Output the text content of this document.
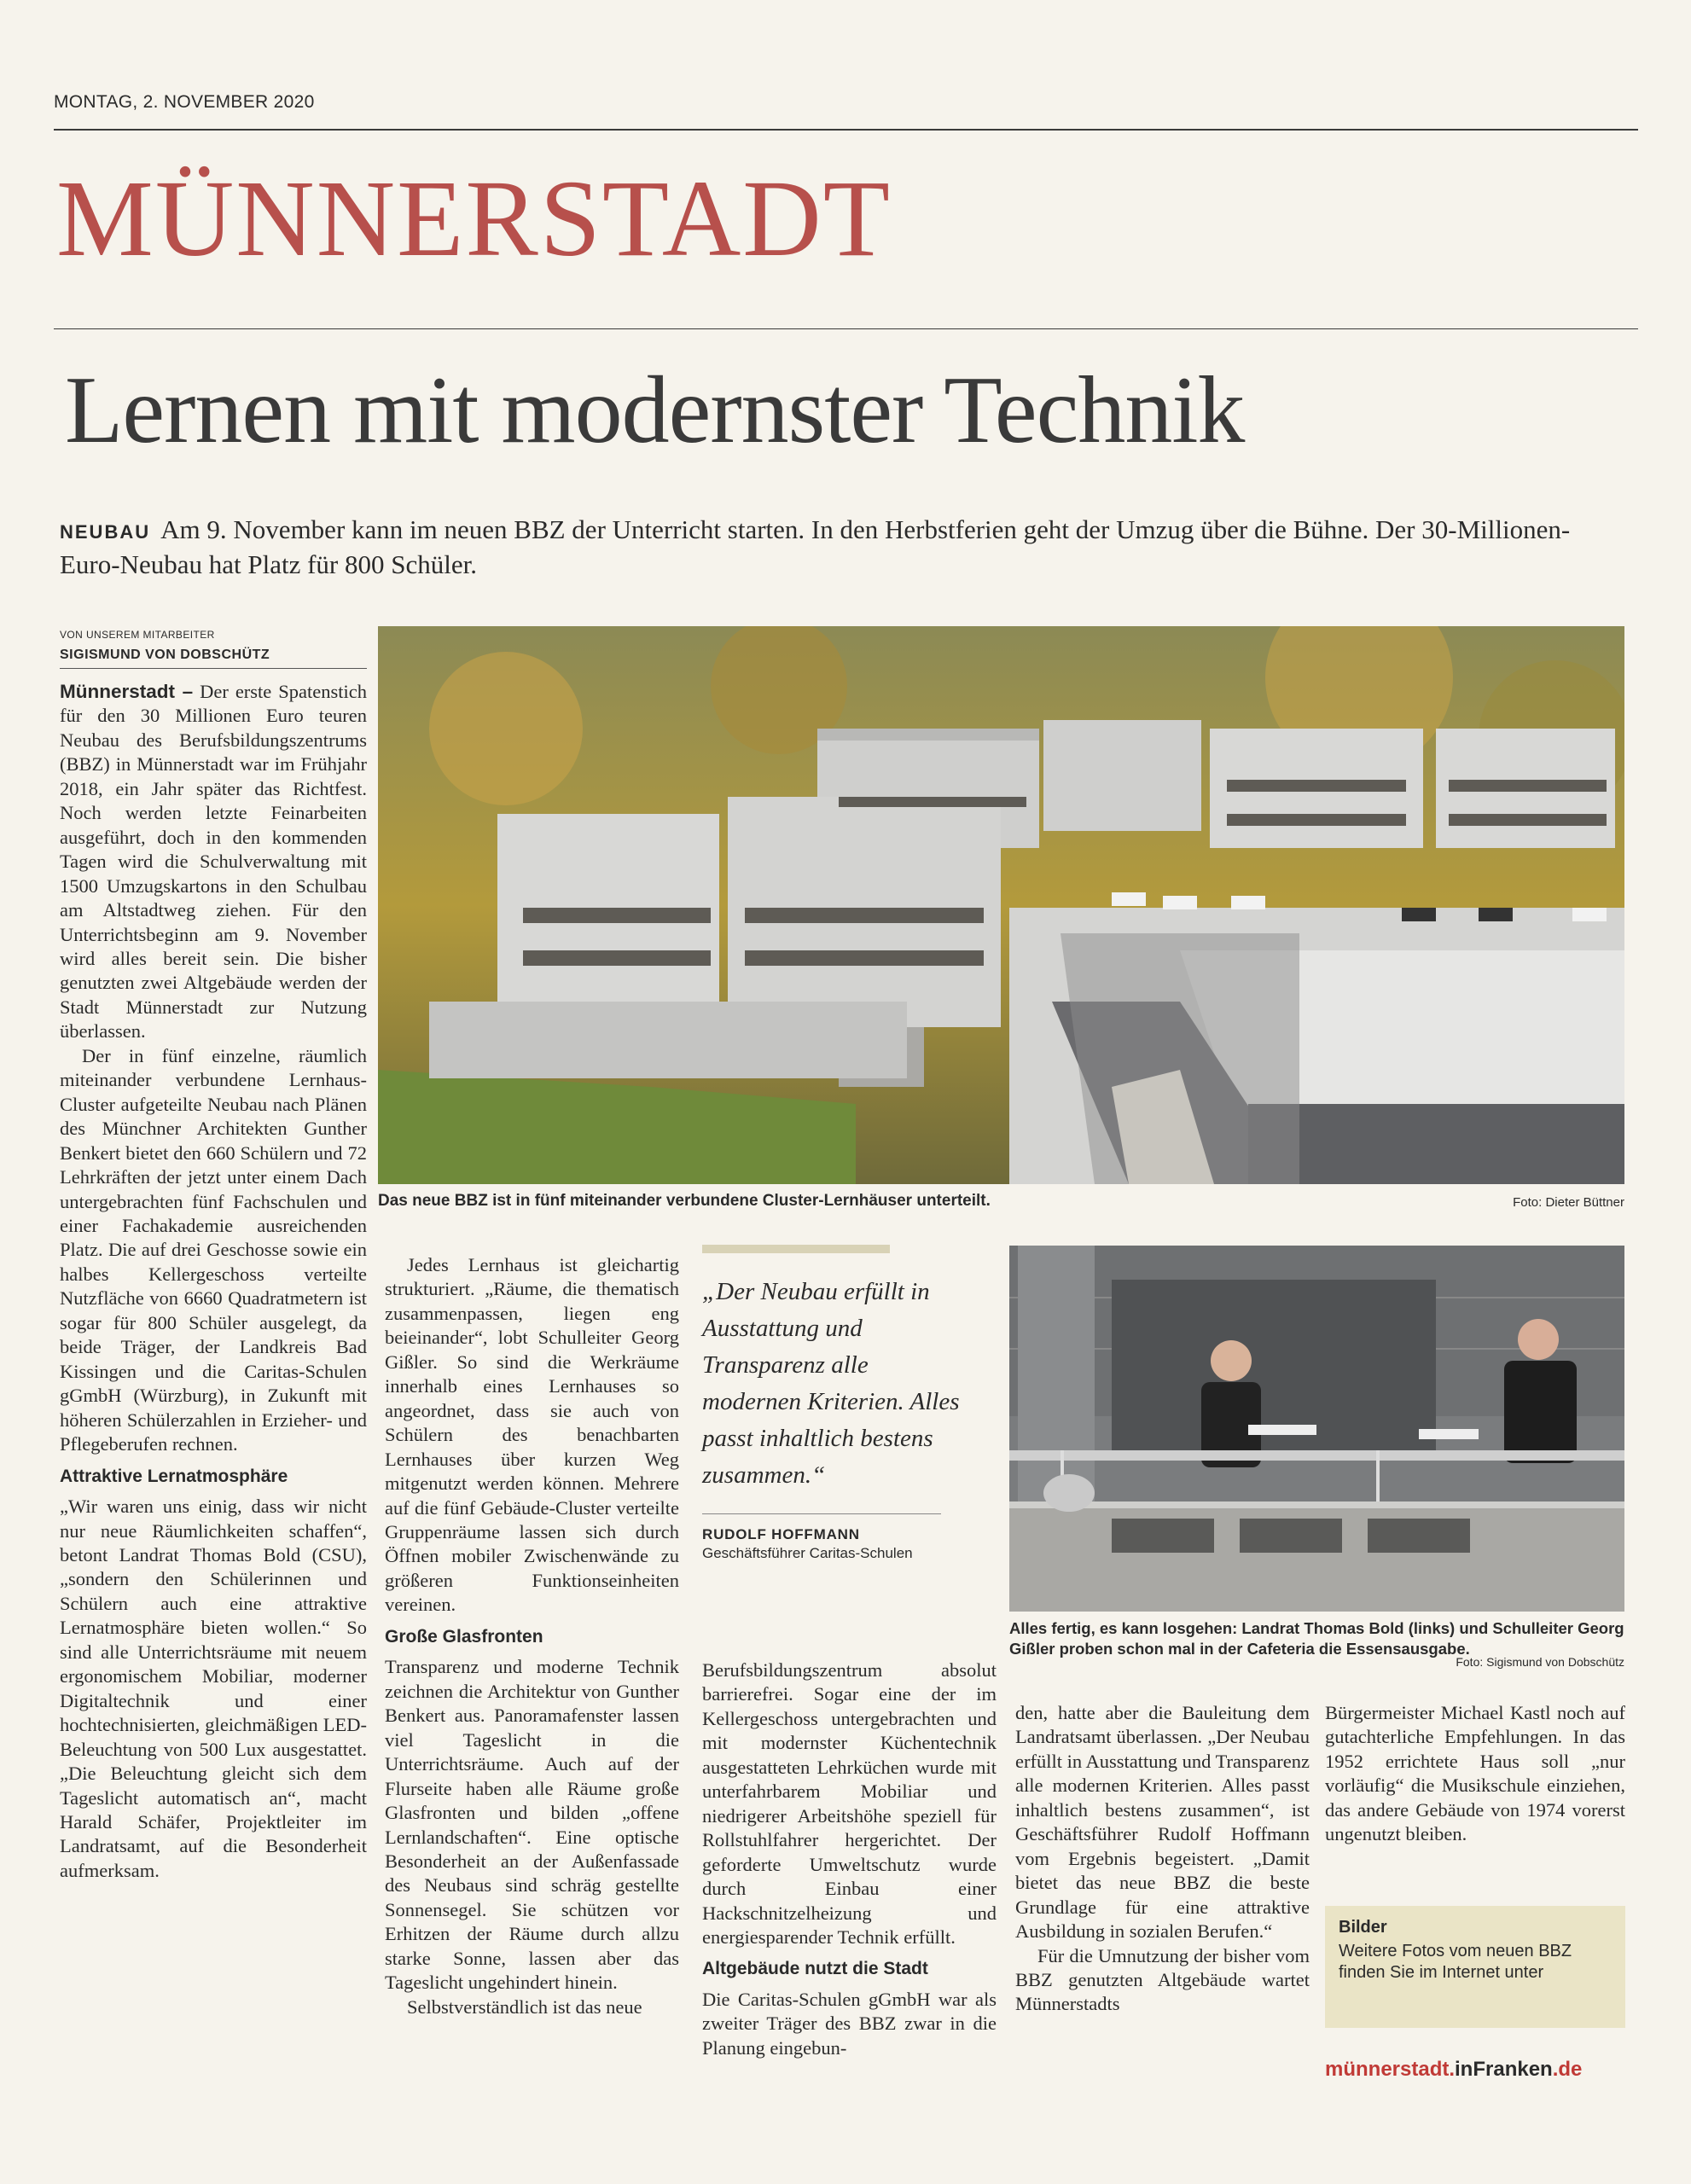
MONTAG, 2. NOVEMBER 2020
MÜNNERSTADT
Lernen mit modernster Technik
NEUBAU Am 9. November kann im neuen BBZ der Unterricht starten. In den Herbstferien geht der Umzug über die Bühne. Der 30-Millionen-Euro-Neubau hat Platz für 800 Schüler.
VON UNSEREM MITARBEITER
SIGISMUND VON DOBSCHÜTZ

Münnerstadt – Der erste Spatenstich für den 30 Millionen Euro teuren Neubau des Berufsbildungszentrums (BBZ) in Münnerstadt war im Frühjahr 2018, ein Jahr später das Richtfest. Noch werden letzte Feinarbeiten ausgeführt, doch in den kommenden Tagen wird die Schulverwaltung mit 1500 Umzugskartons in den Schulbau am Altstadtweg ziehen. Für den Unterrichtsbeginn am 9. November wird alles bereit sein. Die bisher genutzten zwei Altgebäude werden der Stadt Münnerstadt zur Nutzung überlassen.

Der in fünf einzelne, räumlich miteinander verbundene Lernhaus-Cluster aufgeteilte Neubau nach Plänen des Münchner Architekten Gunther Benkert bietet den 660 Schülern und 72 Lehrkräften der jetzt unter einem Dach untergebrachten fünf Fachschulen und einer Fachakademie ausreichenden Platz. Die auf drei Geschosse sowie ein halbes Kellergeschoss verteilte Nutzfläche von 6660 Quadratmetern ist sogar für 800 Schüler ausgelegt, da beide Träger, der Landkreis Bad Kissingen und die Caritas-Schulen gGmbH (Würzburg), in Zukunft mit höheren Schülerzahlen in Erzieher- und Pflegeberufen rechnen.

Attraktive Lernatmosphäre

„Wir waren uns einig, dass wir nicht nur neue Räumlichkeiten schaffen“, betont Landrat Thomas Bold (CSU), „sondern den Schülerinnen und Schülern auch eine attraktive Lernatmosphäre bieten wollen.“ So sind alle Unterrichtsräume mit neuem ergonomischem Mobiliar, moderner Digitaltechnik und einer hochtechnisierten, gleichmäßigen LED-Beleuchtung von 500 Lux ausgestattet. „Die Beleuchtung gleicht sich dem Tageslicht automatisch an“, macht Harald Schäfer, Projektleiter im Landratsamt, auf die Besonderheit aufmerksam.

Das neue BBZ ist in fünf miteinander verbundene Cluster-Lernhäuser unterteilt.	Foto: Dieter Büttner

Jedes Lernhaus ist gleichartig strukturiert. „Räume, die thematisch zusammenpassen, liegen eng beieinander“, lobt Schulleiter Georg Gißler. So sind die Werkräume innerhalb eines Lernhauses so angeordnet, dass sie auch von Schülern des benachbarten Lernhauses über kurzen Weg mitgenutzt werden können. Mehrere auf die fünf Gebäude-Cluster verteilte Gruppenräume lassen sich durch Öffnen mobiler Zwischenwände zu größeren Funktionseinheiten vereinen.

Große Glasfronten

Transparenz und moderne Technik zeichnen die Architektur von Gunther Benkert aus. Panoramafenster lassen viel Tageslicht in die Unterrichtsräume. Auch auf der Flurseite haben alle Räume große Glasfronten und bilden „offene Lernlandschaften“. Eine optische Besonderheit an der Außenfassade des Neubaus sind schräg gestellte Sonnensegel. Sie schützen vor Erhitzen der Räume durch allzu starke Sonne, lassen aber das Tageslicht ungehindert hinein.

Selbstverständlich ist das neue

„Der Neubau erfüllt in Ausstattung und Transparenz alle modernen Kriterien. Alles passt inhaltlich bestens zusammen.“
RUDOLF HOFFMANN
Geschäftsführer Caritas-Schulen
Alles fertig, es kann losgehen: Landrat Thomas Bold (links) und Schulleiter Georg Gißler proben schon mal in der Cafeteria die Essensausgabe.
Foto: Sigismund von Dobschütz

Berufsbildungszentrum absolut barrierefrei. Sogar eine der im Kellergeschoss untergebrachten und mit modernster Küchentechnik ausgestatteten Lehrküchen wurde mit unterfahrbarem Mobiliar und niedrigerer Arbeitshöhe speziell für Rollstuhlfahrer hergerichtet. Der geforderte Umweltschutz wurde durch Einbau einer Hackschnitzelheizung und energiesparender Technik erfüllt.

Altgebäude nutzt die Stadt

Die Caritas-Schulen gGmbH war als zweiter Träger des BBZ zwar in die Planung eingebun-

den, hatte aber die Bauleitung dem Landratsamt überlassen. „Der Neubau erfüllt in Ausstattung und Transparenz alle modernen Kriterien. Alles passt inhaltlich bestens zusammen“, ist Geschäftsführer Rudolf Hoffmann vom Ergebnis begeistert. „Damit bietet das neue BBZ die beste Grundlage für eine attraktive Ausbildung in sozialen Berufen.“

Für die Umnutzung der bisher vom BBZ genutzten Altgebäude wartet Münnerstadts

Bürgermeister Michael Kastl noch auf gutachterliche Empfehlungen. In das 1952 errichtete Haus soll „nur vorläufig“ die Musikschule einziehen, das andere Gebäude von 1974 vorerst ungenutzt bleiben.

Bilder
Weitere Fotos vom neuen BBZ finden Sie im Internet unter
münnerstadt.inFranken.de
